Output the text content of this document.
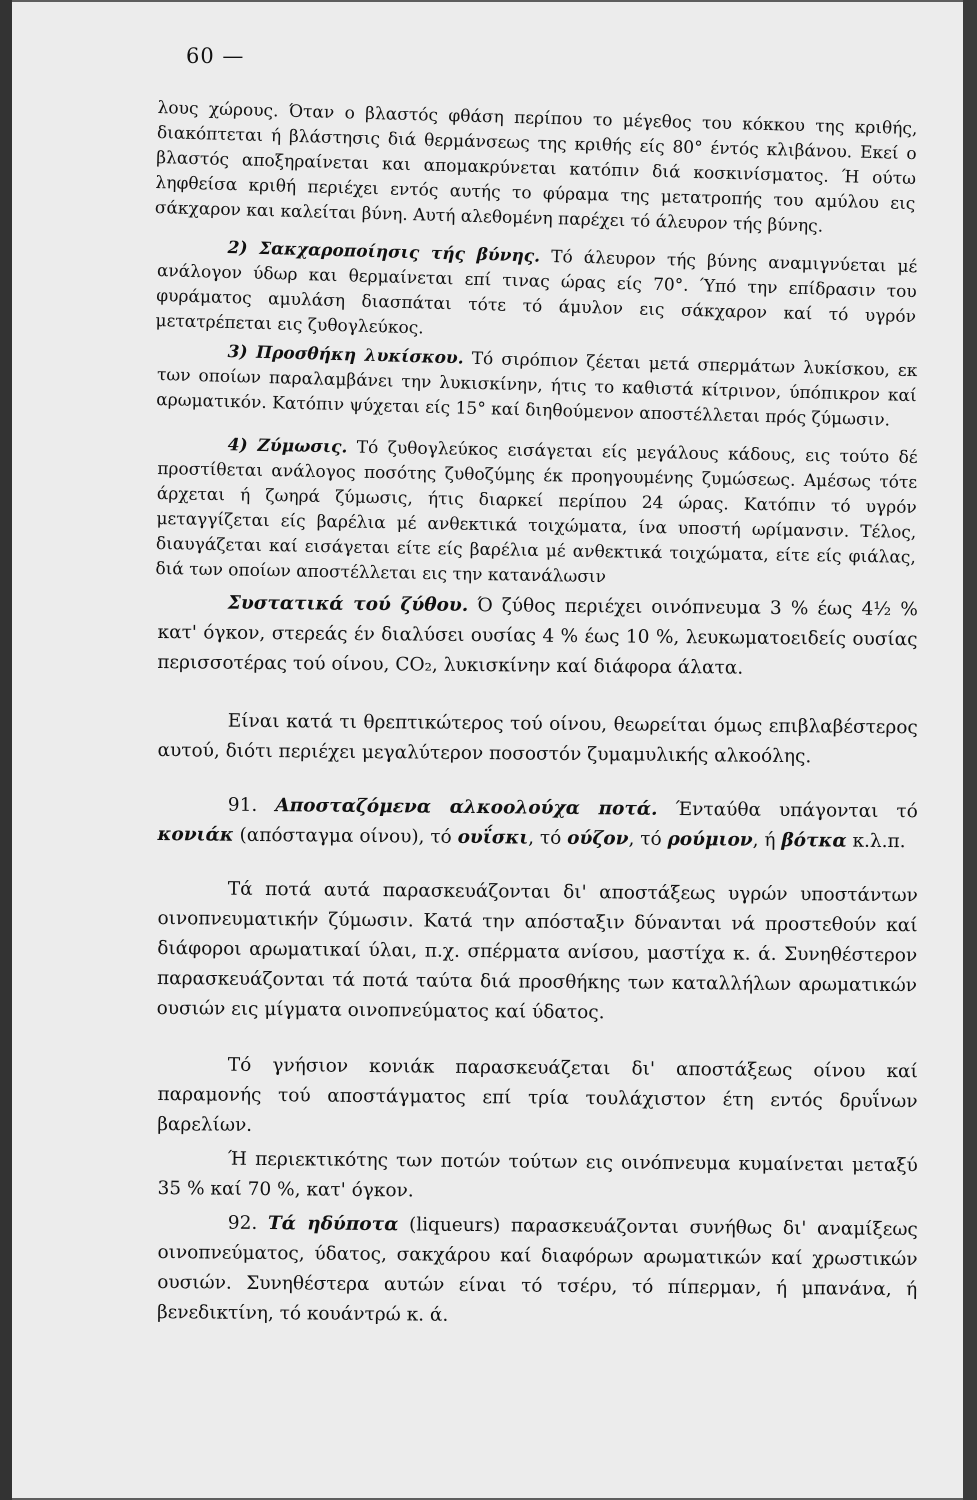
60 —

λους χώρους. Όταν ο βλαστός φθάση περίπου το μέγεθος του κόκκου της κριθής, διακόπτεται ή βλάστησις διά θερμάνσεως της κριθής είς 80° έντός κλιβάνου. Εκεί ο βλαστός αποξηραίνεται και απομακρύνεται κατόπιν διά κοσκινίσματος. Ή ούτω ληφθείσα κριθή περιέχει εντός αυτής το φύραμα της μετατροπής του αμύλου εις σάκχαρον και καλείται βύνη. Αυτή αλεθομένη παρέχει τό άλευρον τής βύνης.

2) Σακχαροποίησις τής βύνης. Τό άλευρον τής βύνης αναμιγνύεται μέ ανάλογον ύδωρ και θερμαίνεται επί τινας ώρας είς 70°. Ύπό την επίδρασιν του φυράματος αμυλάση διασπάται τότε τό άμυλον εις σάκχαρον καί τό υγρόν μετατρέπεται εις ζυθογλεύκος.

3) Προσθήκη λυκίσκου. Τό σιρόπιον ζέεται μετά σπερμάτων λυκίσκου, εκ των οποίων παραλαμβάνει την λυκισκίνην, ήτις το καθιστά κίτρινον, ύπόπικρον καί αρωματικόν. Κατόπιν ψύχεται είς 15° καί διηθούμενον αποστέλλεται πρός ζύμωσιν.

4) Ζύμωσις. Τό ζυθογλεύκος εισάγεται είς μεγάλους κάδους, εις τούτο δέ προστίθεται ανάλογος ποσότης ζυθοζύμης έκ προηγουμένης ζυμώσεως. Αμέσως τότε άρχεται ή ζωηρά ζύμωσις, ήτις διαρκεί περίπου 24 ώρας. Κατόπιν τό υγρόν μεταγγίζεται είς βαρέλια μέ ανθεκτικά τοιχώματα, ίνα υποστή ωρίμανσιν. Τέλος, διαυγάζεται καί εισάγεται είτε είς βαρέλια μέ ανθεκτικά τοιχώματα, είτε είς φιάλας, διά των οποίων αποστέλλεται εις την κατανάλωσιν

Συστατικά τού ζύθου. Ό ζύθος περιέχει οινόπνευμα 3 % έως 4½ % κατ' όγκον, στερεάς έν διαλύσει ουσίας 4 % έως 10 %, λευκωματοειδείς ουσίας περισσοτέρας τού οίνου, CO₂, λυκισκίνην καί διάφορα άλατα.

Είναι κατά τι θρεπτικώτερος τού οίνου, θεωρείται όμως επιβλαβέστερος αυτού, διότι περιέχει μεγαλύτερον ποσοστόν ζυμαμυλικής αλκοόλης.

91. Αποσταζόμενα αλκοολούχα ποτά. Ένταύθα υπάγονται τό κονιάκ (απόσταγμα οίνου), τό ουΐσκι, τό ούζον, τό ρούμιον, ή βότκα κ.λ.π.

Τά ποτά αυτά παρασκευάζονται δι' αποστάξεως υγρών υποστάντων οινοπνευματικήν ζύμωσιν. Κατά την απόσταξιν δύνανται νά προστεθούν καί διάφοροι αρωματικαί ύλαι, π.χ. σπέρματα ανίσου, μαστίχα κ. ά. Συνηθέστερον παρασκευάζονται τά ποτά ταύτα διά προσθήκης των καταλλήλων αρωματικών ουσιών εις μίγματα οινοπνεύματος καί ύδατος.

Τό γνήσιον κονιάκ παρασκευάζεται δι' αποστάξεως οίνου καί παραμονής τού αποστάγματος επί τρία τουλάχιστον έτη εντός δρυΐνων βαρελίων.

Ή περιεκτικότης των ποτών τούτων εις οινόπνευμα κυμαίνεται μεταξύ 35 % καί 70 %, κατ' όγκον.

92. Τά ηδύποτα (liqueurs) παρασκευάζονται συνήθως δι' αναμίξεως οινοπνεύματος, ύδατος, σακχάρου καί διαφόρων αρωματικών καί χρωστικών ουσιών. Συνηθέστερα αυτών είναι τό τσέρυ, τό πίπερμαν, ή μπανάνα, ή βενεδικτίνη, τό κουάντρώ κ. ά.
